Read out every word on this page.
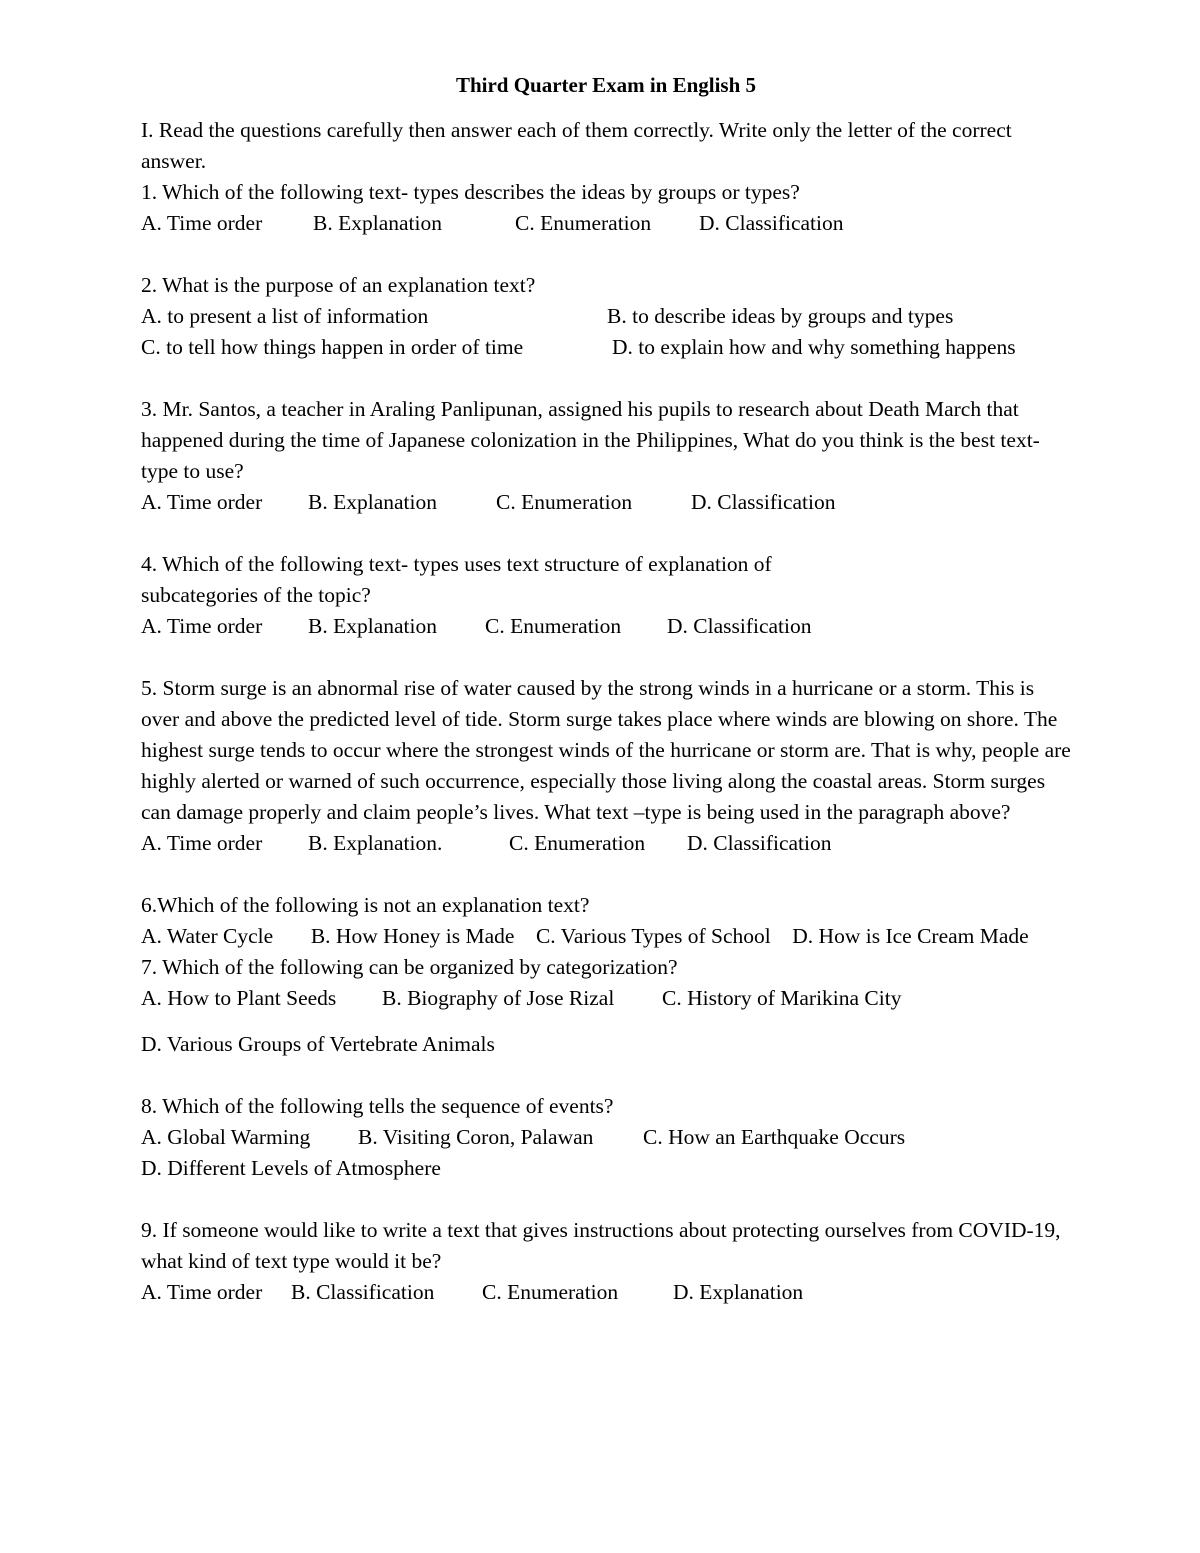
Third Quarter Exam in English 5

I. Read the questions carefully then answer each of them correctly. Write only the letter of the correct answer.

1. Which of the following text- types describes the ideas by groups or types?

A. Time order B. Explanation	C. Enumeration D. Classification

2. What is the purpose of an explanation text?

A. to present a list of information	B. to describe ideas by groups and types
C. to tell how things happen in order of time	D. to explain how and why something happens

3. Mr. Santos, a teacher in Araling Panlipunan, assigned his pupils to research about Death March that happened during the time of Japanese colonization in the Philippines, What do you think is the best text-type to use?

A. Time order B. Explanation	C. Enumeration	D. Classification

4. Which of the following text- types uses text structure of explanation of

subcategories of the topic?

A. Time order B. Explanation C. Enumeration D. Classification

5. Storm surge is an abnormal rise of water caused by the strong winds in a hurricane or a storm. This is over and above the predicted level of tide. Storm surge takes place where winds are blowing on shore. The highest surge tends to occur where the strongest winds of the hurricane or storm are. That is why, people are highly alerted or warned of such occurrence, especially those living along the coastal areas. Storm surges can damage properly and claim people’s lives. What text –type is being used in the paragraph above?

A. Time order B. Explanation.	C. Enumeration D. Classification

6.Which of the following is not an explanation text?

A. Water Cycle B. How Honey is Made C. Various Types of School D. How is Ice Cream Made

7. Which of the following can be organized by categorization?

A. How to Plant Seeds B. Biography of Jose Rizal C. History of Marikina City
D. Various Groups of Vertebrate Animals

8. Which of the following tells the sequence of events?

A. Global Warming B. Visiting Coron, Palawan C. How an Earthquake Occurs
D. Different Levels of Atmosphere

9. If someone would like to write a text that gives instructions about protecting ourselves from COVID-19, what kind of text type would it be?

A. Time order B. Classification C. Enumeration	D. Explanation
